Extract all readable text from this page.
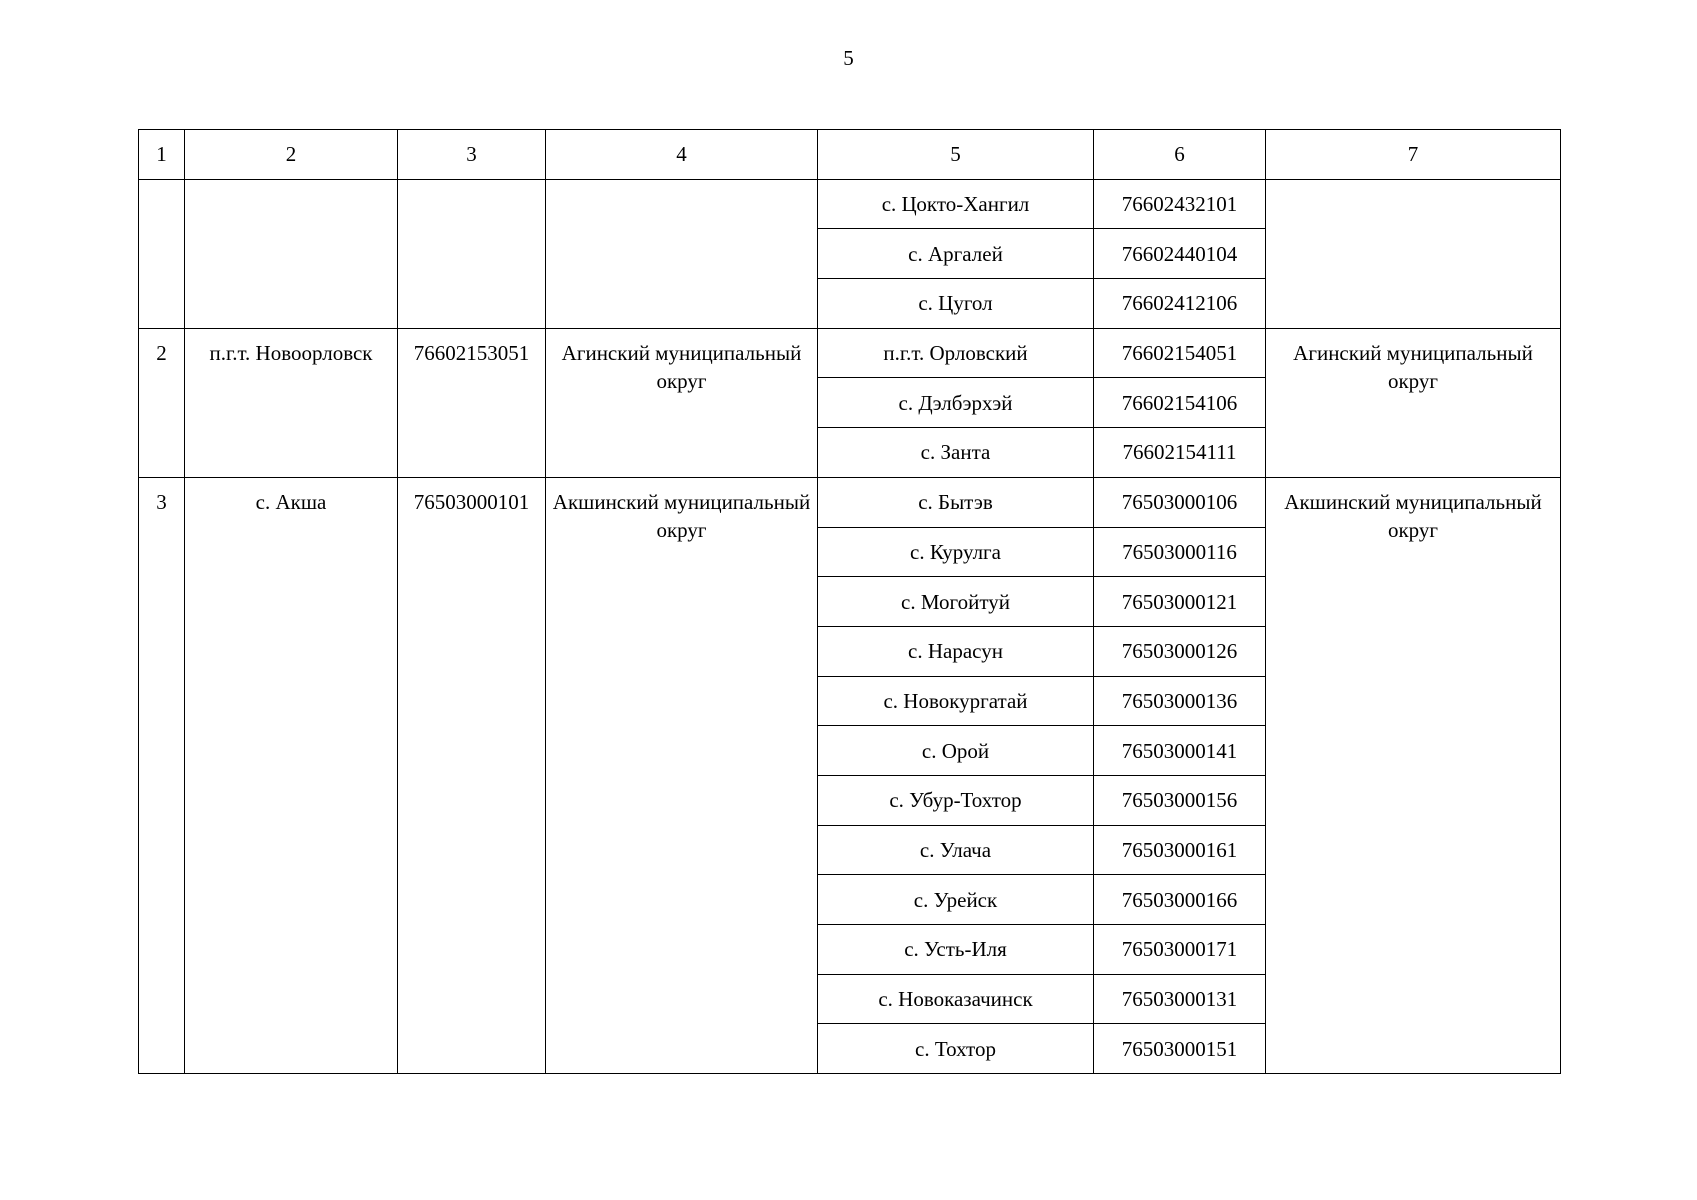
5
1	2	3	4	5	6	7
				с. Цокто-Хангил	76602432101	
				с. Аргалей	76602440104	
				с. Цугол	76602412106	
2	п.г.т. Новоорловск	76602153051	Агинский муниципальный округ	п.г.т. Орловский	76602154051	Агинский муниципальный округ
				с. Дэлбэрхэй	76602154106	
				с. Занта	76602154111	
3	с. Акша	76503000101	Акшинский муниципальный округ	с. Бытэв	76503000106	Акшинский муниципальный округ
				с. Курулга	76503000116	
				с. Могойтуй	76503000121	
				с. Нарасун	76503000126	
				с. Новокургатай	76503000136	
				с. Орой	76503000141	
				с. Убур-Тохтор	76503000156	
				с. Улача	76503000161	
				с. Урейск	76503000166	
				с. Усть-Иля	76503000171	
				с. Новоказачинск	76503000131	
				с. Тохтор	76503000151	
